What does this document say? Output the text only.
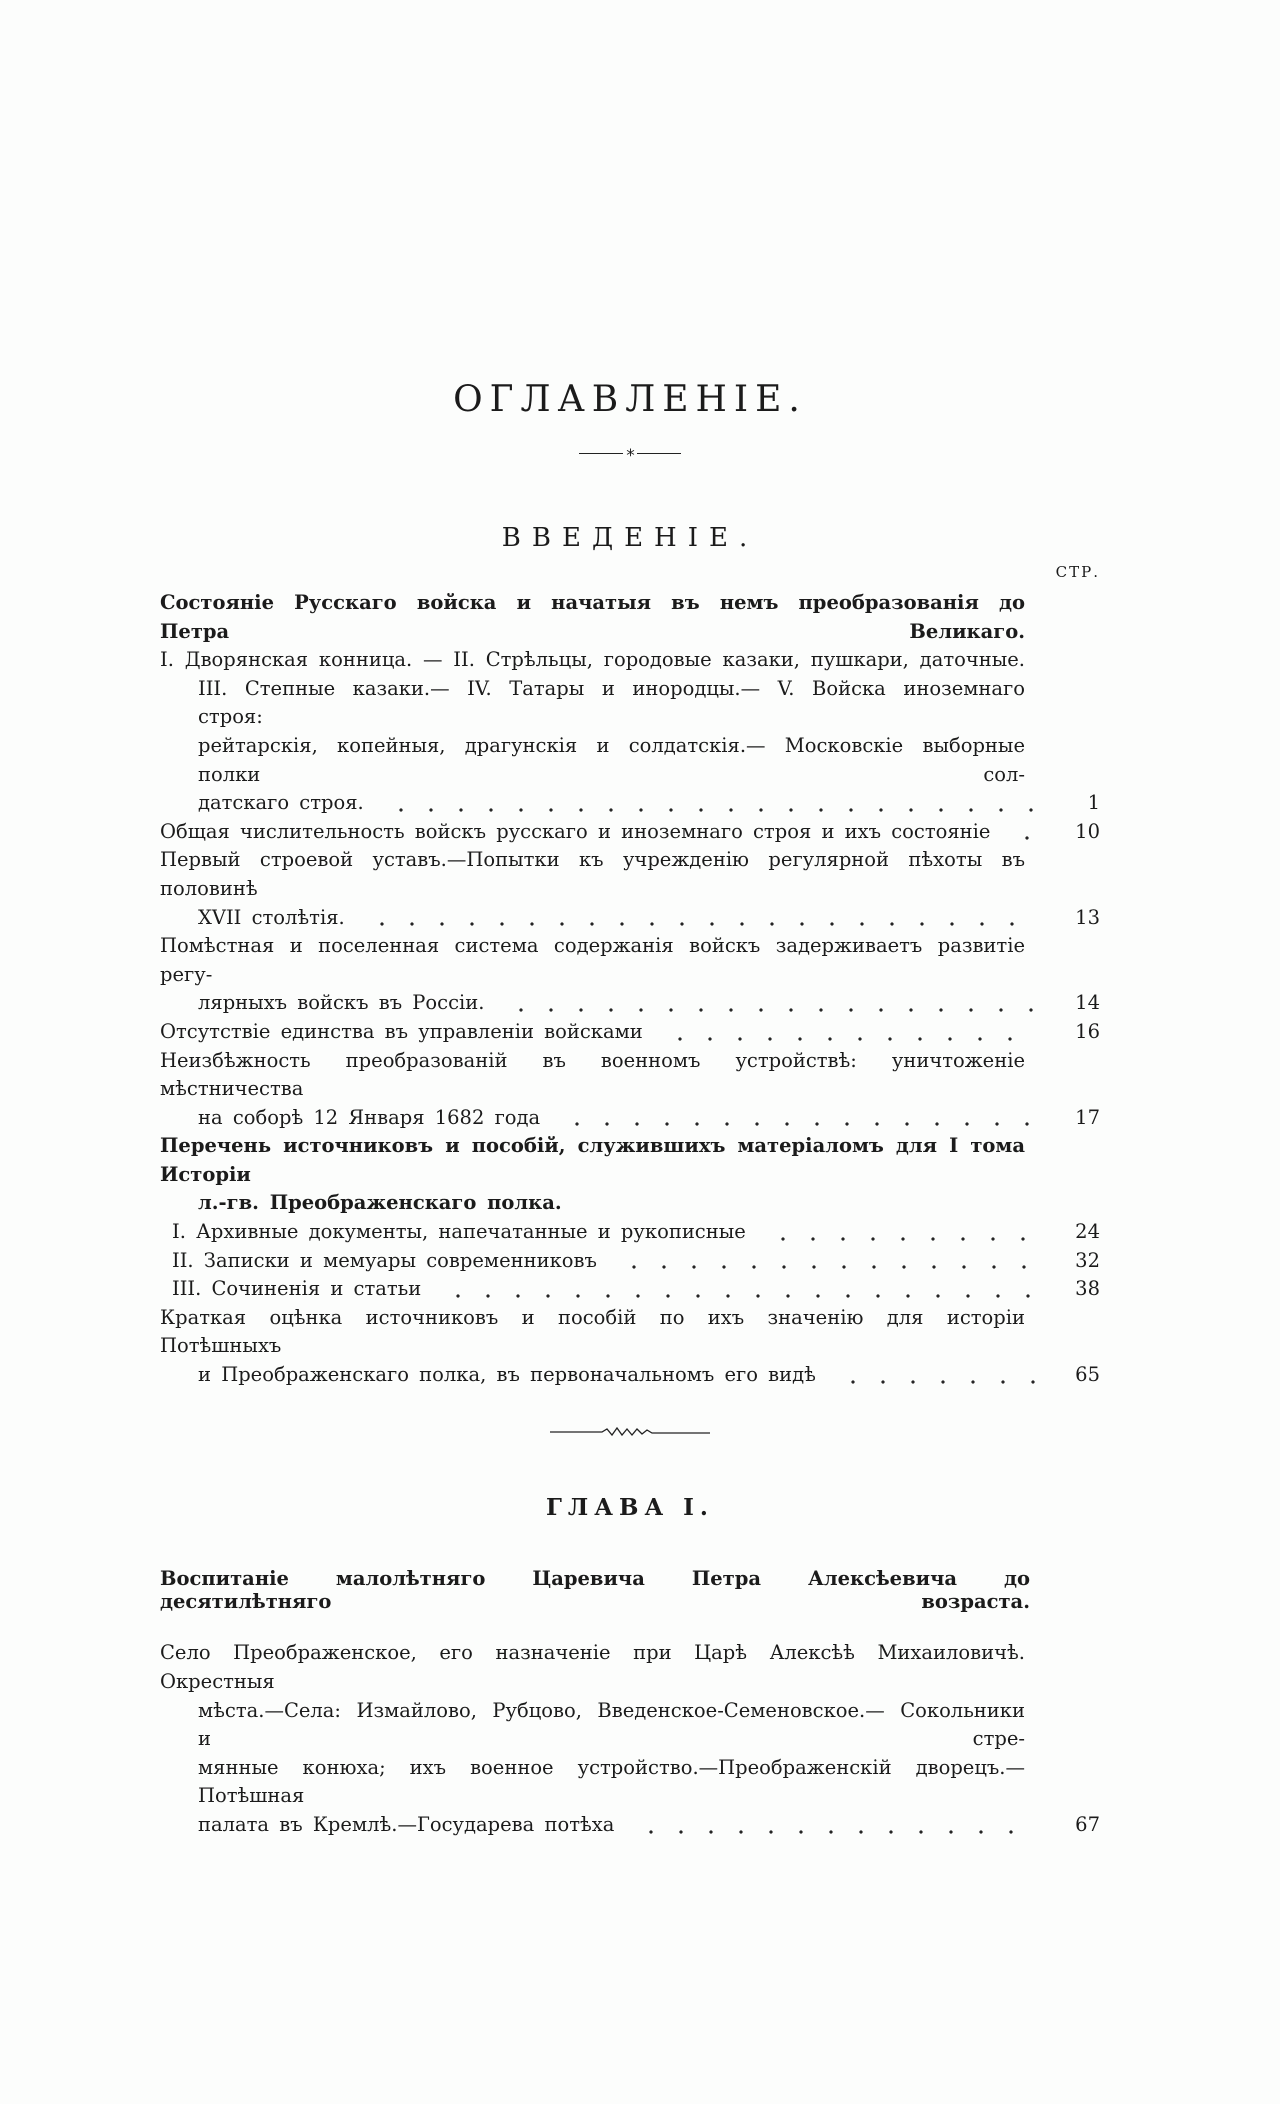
ОГЛАВЛЕНІЕ.
*
ВВЕДЕНІЕ.
СТР.
Состояніе Русскаго войска и начатыя въ немъ преобразованія до Петра Великаго.
I. Дворянская конница. — II. Стрѣльцы, городовые казаки, пушкари, даточные.
III. Степные казаки.— IV. Татары и инородцы.— V. Войска иноземнаго строя:
рейтарскія, копейныя, драгунскія и солдатскія.— Московскіе выборные полки сол-
датскаго строя.	1
Общая числительность войскъ русскаго и иноземнаго строя и ихъ состояніе	10
Первый строевой уставъ.—Попытки къ учрежденію регулярной пѣхоты въ половинѣ
XVII столѣтія.	13
Помѣстная и поселенная система содержанія войскъ задерживаетъ развитіе регу-
лярныхъ войскъ въ Россіи.	14
Отсутствіе единства въ управленіи войсками	16
Неизбѣжность преобразованій въ военномъ устройствѣ: уничтоженіе мѣстничества
на соборѣ 12 Января 1682 года	17
Перечень источниковъ и пособій, служившихъ матеріаломъ для I тома Исторіи
л.-гв. Преображенскаго полка.
I. Архивные документы, напечатанные и рукописные	24
II. Записки и мемуары современниковъ	32
III. Сочиненія и статьи	38
Краткая оцѣнка источниковъ и пособій по ихъ значенію для исторіи Потѣшныхъ
и Преображенскаго полка, въ первоначальномъ его видѣ	65
ГЛАВА I.
Воспитаніе малолѣтняго Царевича Петра Алексѣевича до десятилѣтняго возраста.
Село Преображенское, его назначеніе при Царѣ Алексѣѣ Михаиловичѣ. Окрестныя
мѣста.—Села: Измайлово, Рубцово, Введенское-Семеновское.— Сокольники и стре-
мянные конюха; ихъ военное устройство.—Преображенскій дворецъ.—Потѣшная
палата въ Кремлѣ.—Государева потѣха	67
